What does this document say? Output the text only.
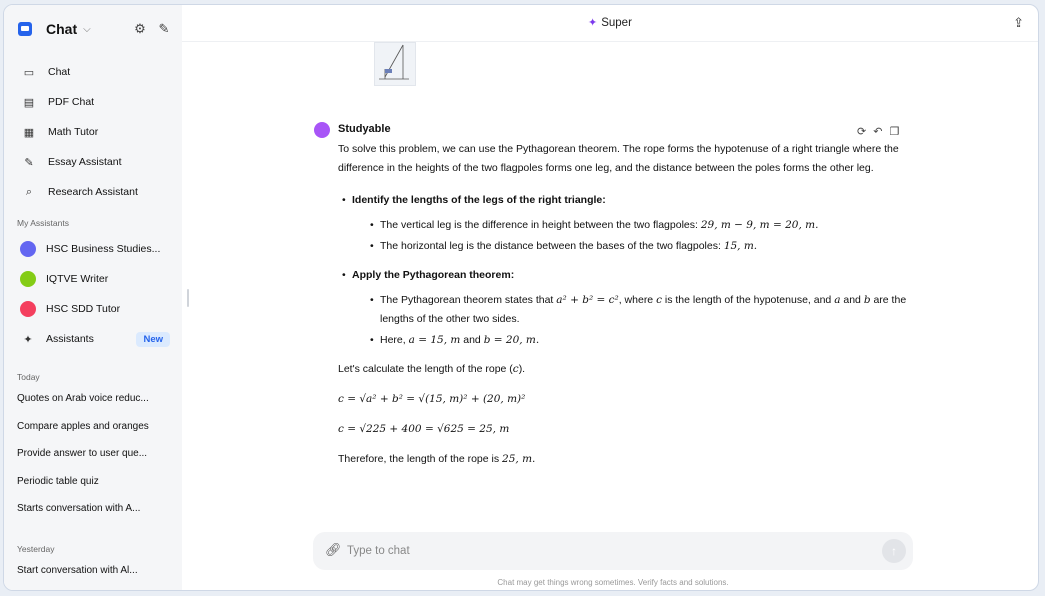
Chat ⌵	⚙ ✎
▭ Chat
▤ PDF Chat
▦ Math Tutor
✎ Essay Assistant
⌕	Research Assistant
My Assistants
HSC Business Studies...
IQTVE Writer
HSC SDD Tutor
✦	Assistants	New
Today
Quotes on Arab voice reduc...
Compare apples and oranges
Provide answer to user que...
Periodic table quiz
Starts conversation with A...
Yesterday
Start conversation with Al...
✦ Super	⇪
Studyable	⟳ ↶ ❐
To solve this problem, we can use the Pythagorean theorem. The rope forms the hypotenuse of a right triangle where the difference in the heights of the two flagpoles forms one leg, and the distance between the poles forms the other leg.
• Identify the lengths of the legs of the right triangle:
• The vertical leg is the difference in height between the two flagpoles: 29, m − 9, m = 20, m.
• The horizontal leg is the distance between the bases of the two flagpoles: 15, m.
• Apply the Pythagorean theorem:
• The Pythagorean theorem states that a² + b² = c², where c is the length of the hypotenuse, and a and b are the lengths of the other two sides.
• Here, a = 15, m and b = 20, m.
Let's calculate the length of the rope (c).
c = √a² + b² = √(15, m)² + (20, m)²
c = √225 + 400 = √625 = 25, m
Therefore, the length of the rope is 25, m.
🔗︎
Type to chat	↑
Chat may get things wrong sometimes. Verify facts and solutions.
